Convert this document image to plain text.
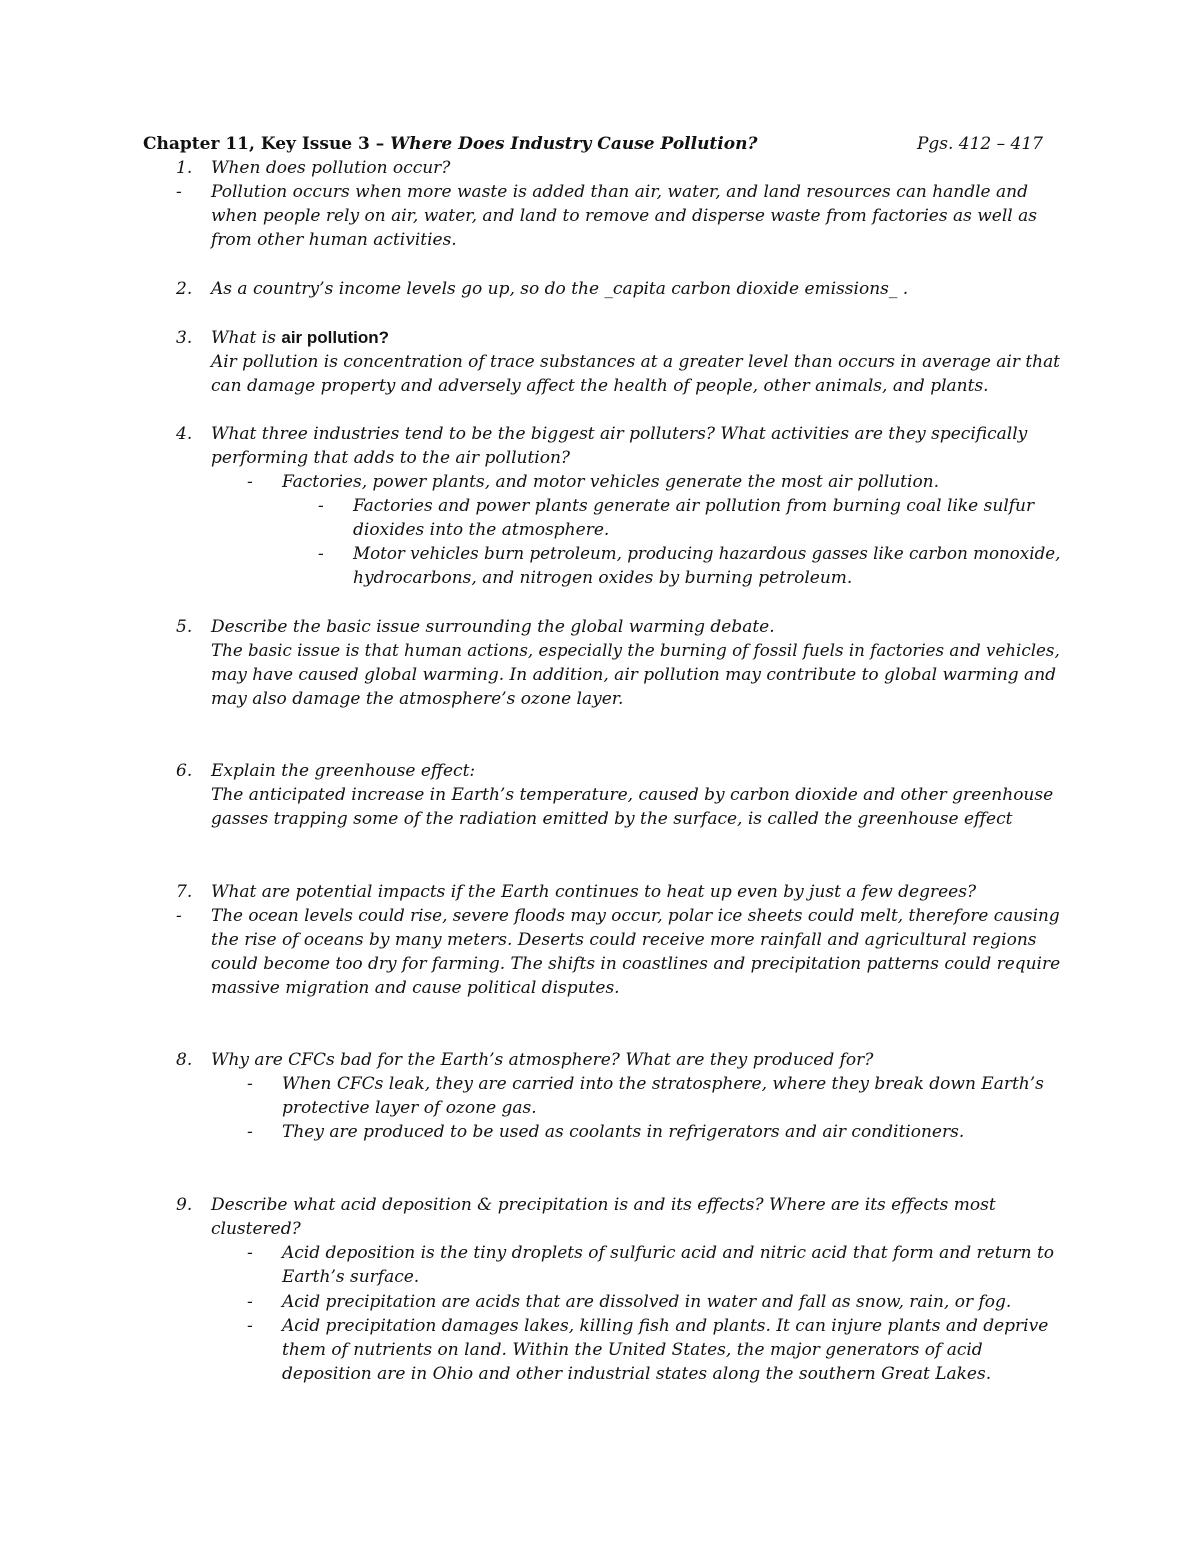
Chapter 11, Key Issue 3 – Where Does Industry Cause Pollution?	Pgs. 412 – 417
1. When does pollution occur?
- Pollution occurs when more waste is added than air, water, and land resources can handle and
when people rely on air, water, and land to remove and disperse waste from factories as well as
from other human activities.
2. As a country’s income levels go up, so do the _capita carbon dioxide emissions_ .
3. What is air pollution?
Air pollution is concentration of trace substances at a greater level than occurs in average air that
can damage property and adversely affect the health of people, other animals, and plants.
4. What three industries tend to be the biggest air polluters? What activities are they specifically
performing that adds to the air pollution?
- Factories, power plants, and motor vehicles generate the most air pollution.
- Factories and power plants generate air pollution from burning coal like sulfur
dioxides into the atmosphere.
- Motor vehicles burn petroleum, producing hazardous gasses like carbon monoxide,
hydrocarbons, and nitrogen oxides by burning petroleum.
5. Describe the basic issue surrounding the global warming debate.
The basic issue is that human actions, especially the burning of fossil fuels in factories and vehicles,
may have caused global warming. In addition, air pollution may contribute to global warming and
may also damage the atmosphere’s ozone layer.
6. Explain the greenhouse effect:
The anticipated increase in Earth’s temperature, caused by carbon dioxide and other greenhouse
gasses trapping some of the radiation emitted by the surface, is called the greenhouse effect
7. What are potential impacts if the Earth continues to heat up even by just a few degrees?
- The ocean levels could rise, severe floods may occur, polar ice sheets could melt, therefore causing
the rise of oceans by many meters. Deserts could receive more rainfall and agricultural regions
could become too dry for farming. The shifts in coastlines and precipitation patterns could require
massive migration and cause political disputes.
8. Why are CFCs bad for the Earth’s atmosphere? What are they produced for?
- When CFCs leak, they are carried into the stratosphere, where they break down Earth’s
protective layer of ozone gas.
- They are produced to be used as coolants in refrigerators and air conditioners.
9. Describe what acid deposition & precipitation is and its effects? Where are its effects most
clustered?
- Acid deposition is the tiny droplets of sulfuric acid and nitric acid that form and return to
Earth’s surface.
- Acid precipitation are acids that are dissolved in water and fall as snow, rain, or fog.
- Acid precipitation damages lakes, killing fish and plants. It can injure plants and deprive
them of nutrients on land. Within the United States, the major generators of acid
deposition are in Ohio and other industrial states along the southern Great Lakes.
